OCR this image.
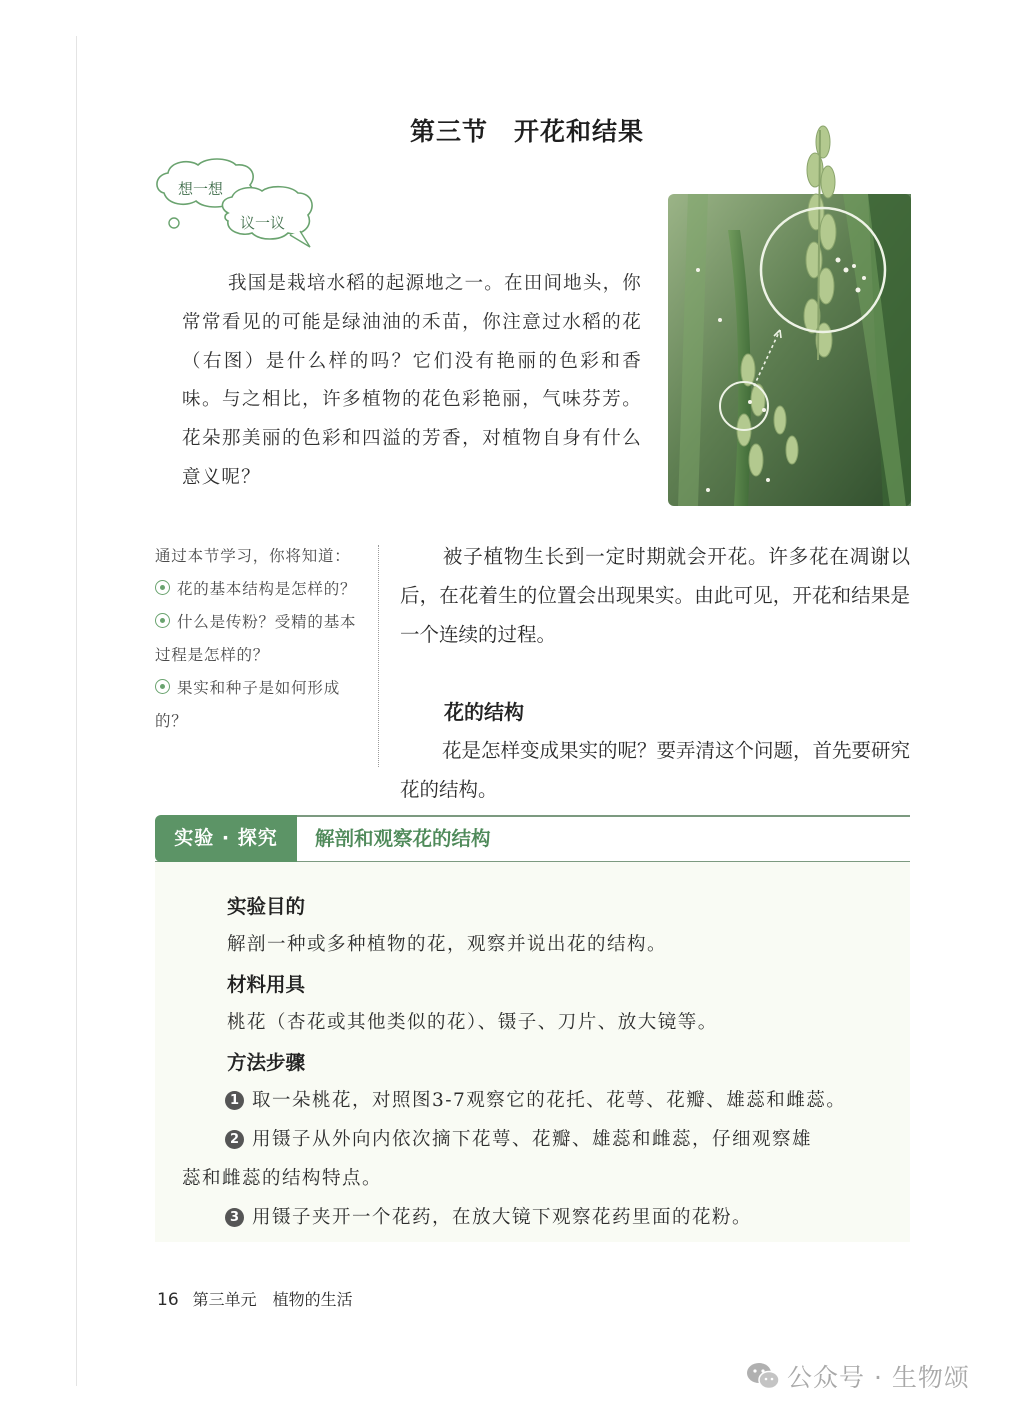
第三节　开花和结果
想一想
议一议
我国是栽培水稻的起源地之一。在田间地头，你常常看见的可能是绿油油的禾苗，你注意过水稻的花（右图）是什么样的吗？它们没有艳丽的色彩和香味。与之相比，许多植物的花色彩艳丽，气味芬芳。花朵那美丽的色彩和四溢的芳香，对植物自身有什么意义呢？
通过本节学习，你将知道：
花的基本结构是怎样的？
什么是传粉？受精的基本过程是怎样的？
果实和种子是如何形成的？
被子植物生长到一定时期就会开花。许多花在凋谢以后，在花着生的位置会出现果实。由此可见，开花和结果是一个连续的过程。
花的结构
花是怎样变成果实的呢？要弄清这个问题，首先要研究花的结构。
实验 · 探究	解剖和观察花的结构
实验目的
解剖一种或多种植物的花，观察并说出花的结构。
材料用具
桃花（杏花或其他类似的花）、镊子、刀片、放大镜等。
方法步骤
1 取一朵桃花，对照图3-7观察它的花托、花萼、花瓣、雄蕊和雌蕊。
2 用镊子从外向内依次摘下花萼、花瓣、雄蕊和雌蕊，仔细观察雄
蕊和雌蕊的结构特点。
3 用镊子夹开一个花药，在放大镜下观察花药里面的花粉。
16 第三单元　植物的生活
公众号 · 生物颂
